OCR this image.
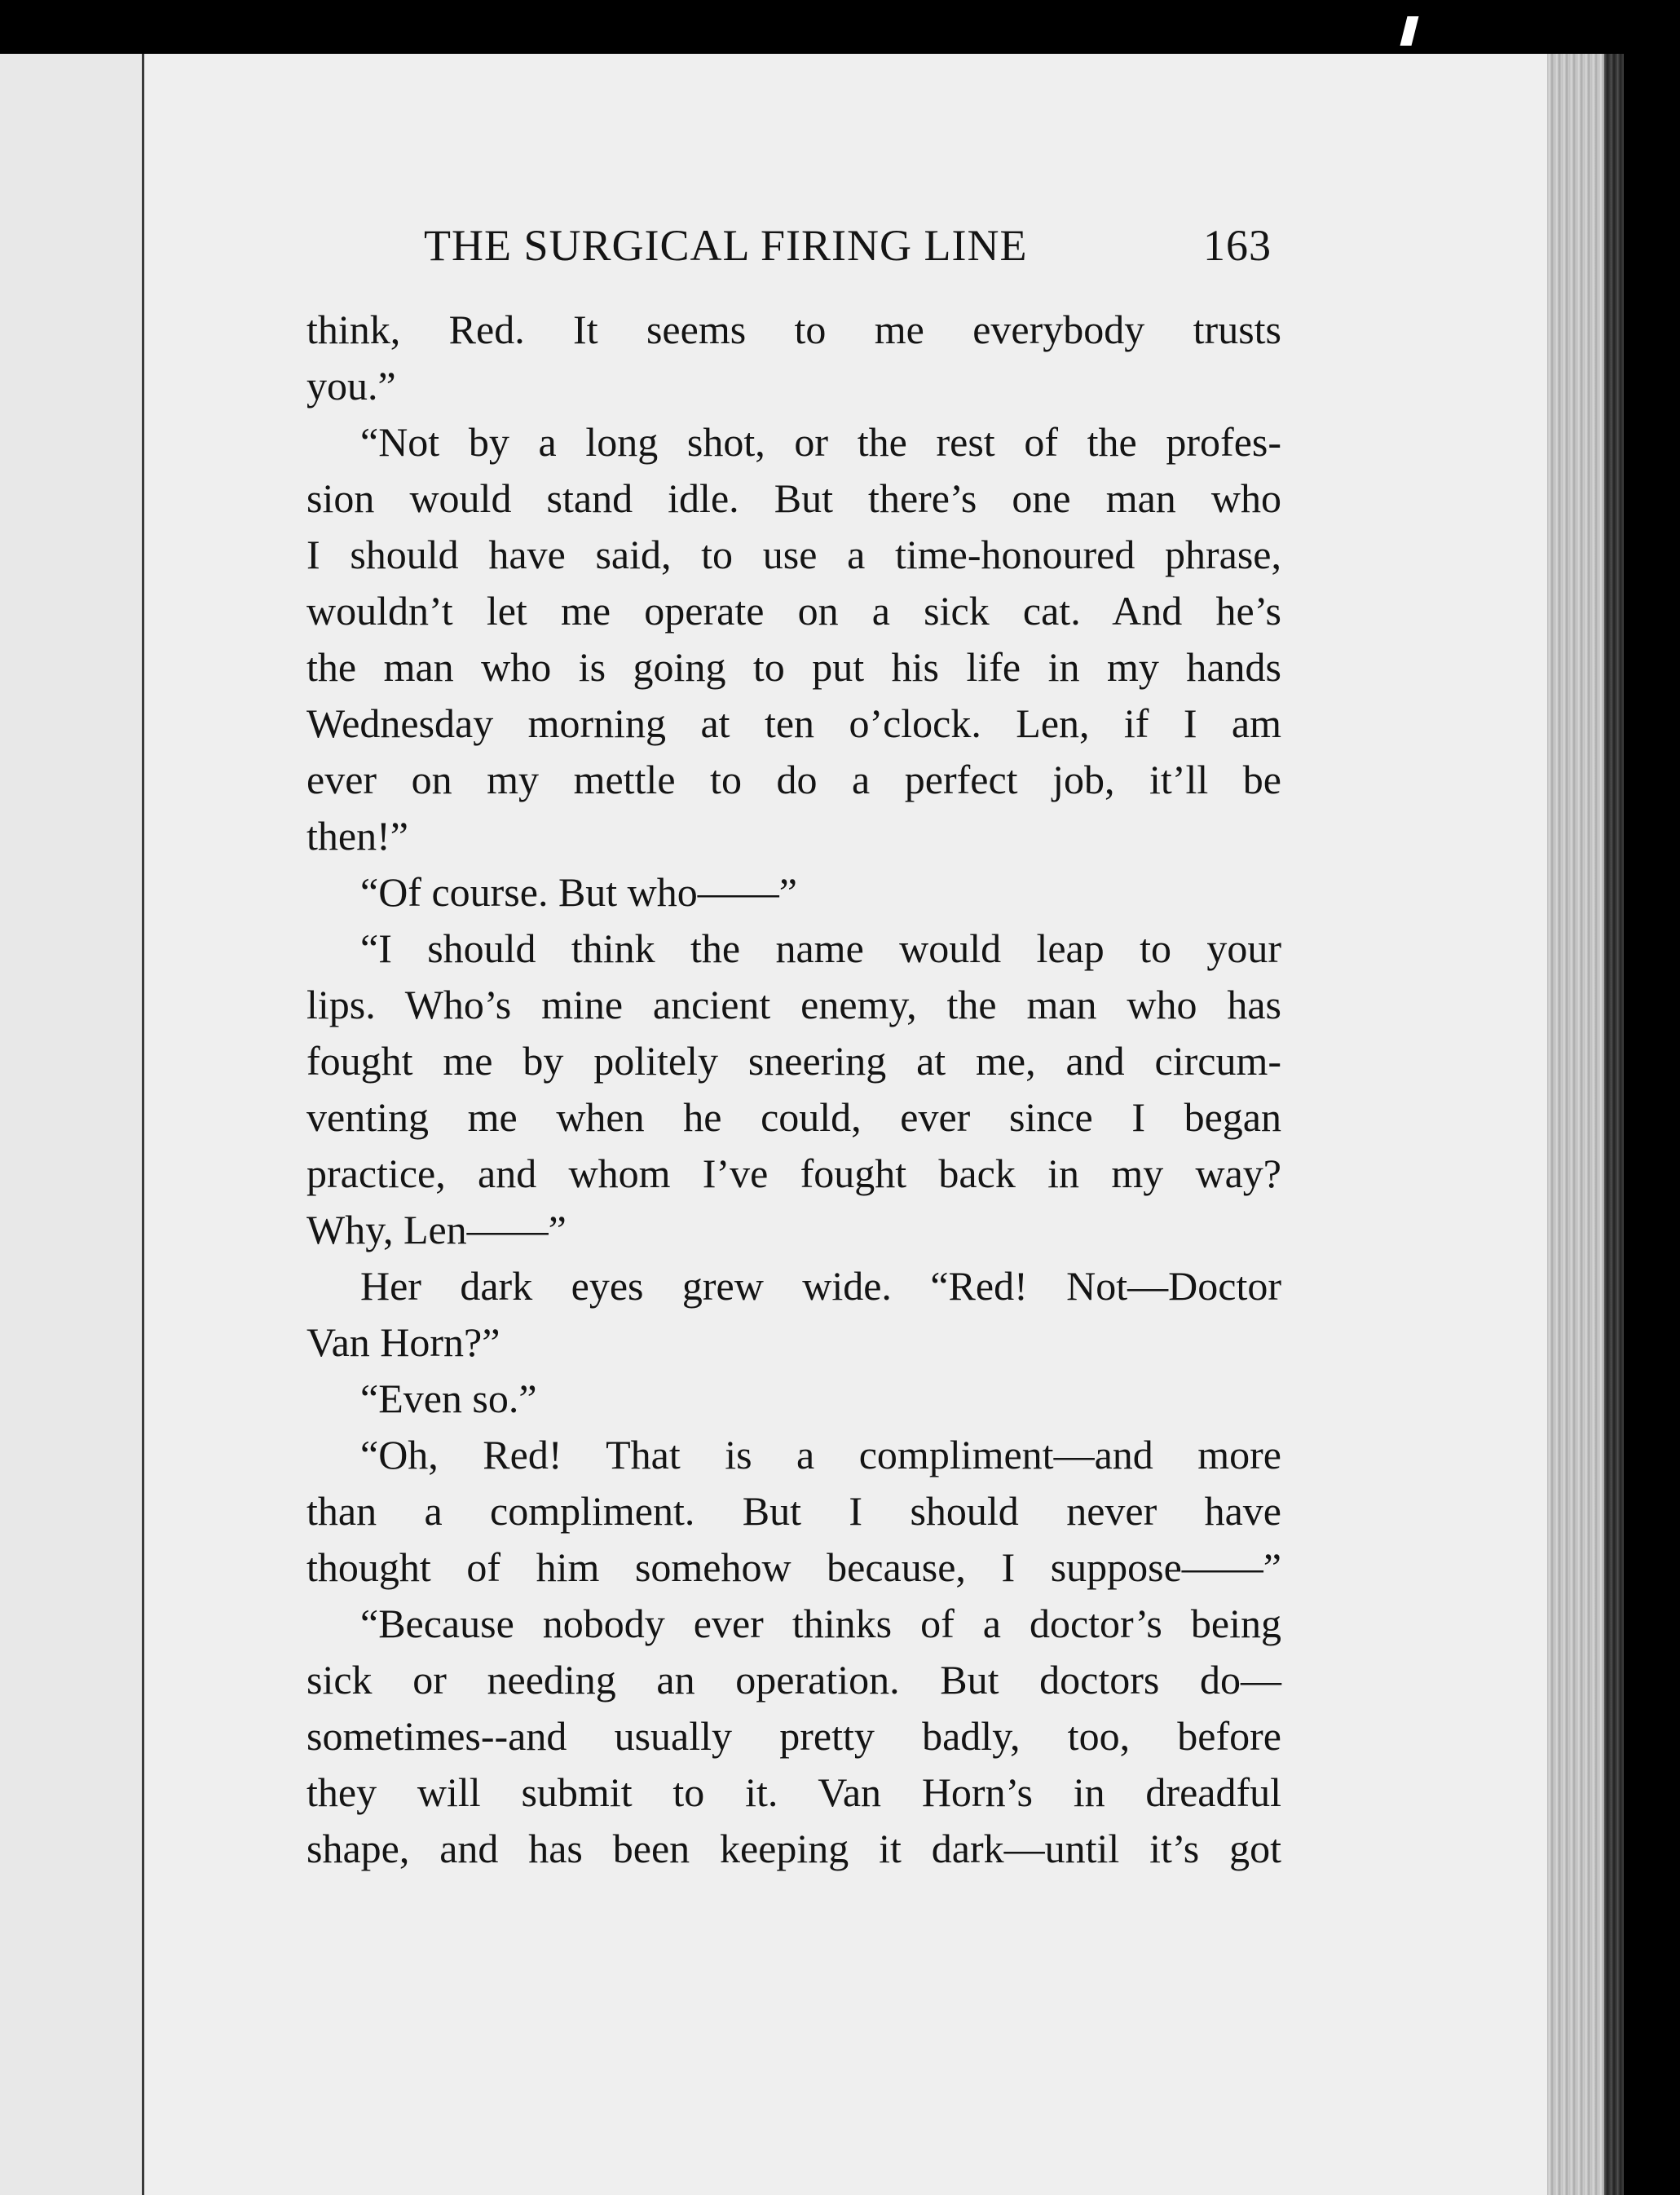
THE SURGICAL FIRING LINE	163
think, Red. It seems to me everybody trusts
you.”
“Not by a long shot, or the rest of the profes-
sion would stand idle. But there’s one man who
I should have said, to use a time-honoured phrase,
wouldn’t let me operate on a sick cat. And he’s
the man who is going to put his life in my hands
Wednesday morning at ten o’clock. Len, if I am
ever on my mettle to do a perfect job, it’ll be
then!”
“Of course. But who——”
“I should think the name would leap to your
lips. Who’s mine ancient enemy, the man who has
fought me by politely sneering at me, and circum-
venting me when he could, ever since I began
practice, and whom I’ve fought back in my way?
Why, Len——”
Her dark eyes grew wide. “Red! Not—Doctor
Van Horn?”
“Even so.”
“Oh, Red! That is a compliment—and more
than a compliment. But I should never have
thought of him somehow because, I suppose——”
“Because nobody ever thinks of a doctor’s being
sick or needing an operation. But doctors do—
sometimes--and usually pretty badly, too, before
they will submit to it. Van Horn’s in dreadful
shape, and has been keeping it dark—until it’s got
